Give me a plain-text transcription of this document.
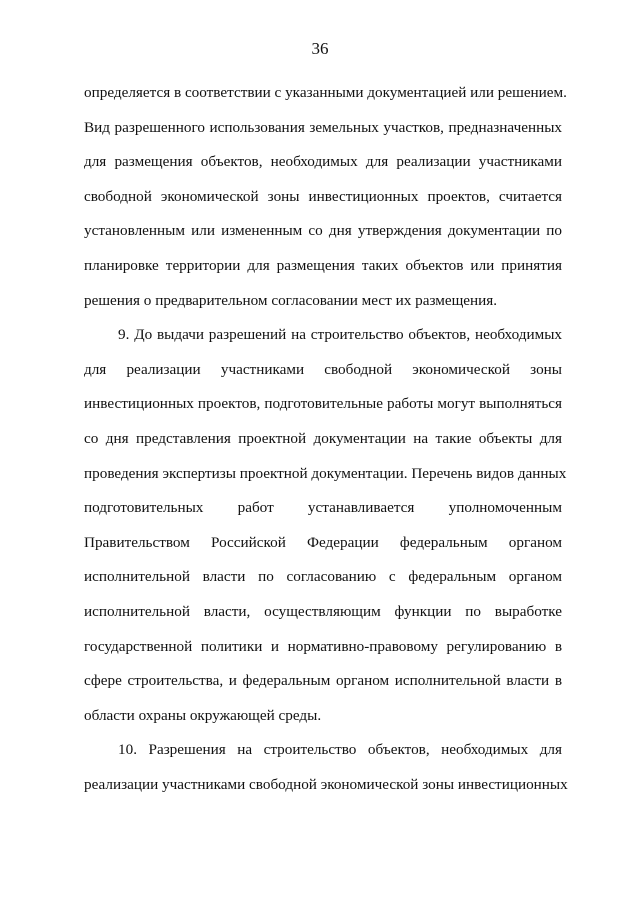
36
определяется в соответствии с указанными документацией или решением.
Вид разрешенного использования земельных участков, предназначенных
для размещения объектов, необходимых для реализации участниками
свободной экономической зоны инвестиционных проектов, считается
установленным или измененным со дня утверждения документации по
планировке территории для размещения таких объектов или принятия
решения о предварительном согласовании мест их размещения.
9. До выдачи разрешений на строительство объектов, необходимых
для реализации участниками свободной экономической зоны
инвестиционных проектов, подготовительные работы могут выполняться
со дня представления проектной документации на такие объекты для
проведения экспертизы проектной документации. Перечень видов данных
подготовительных работ устанавливается уполномоченным
Правительством Российской Федерации федеральным органом
исполнительной власти по согласованию с федеральным органом
исполнительной власти, осуществляющим функции по выработке
государственной политики и нормативно-правовому регулированию в
сфере строительства, и федеральным органом исполнительной власти в
области охраны окружающей среды.
10. Разрешения на строительство объектов, необходимых для
реализации участниками свободной экономической зоны инвестиционных
